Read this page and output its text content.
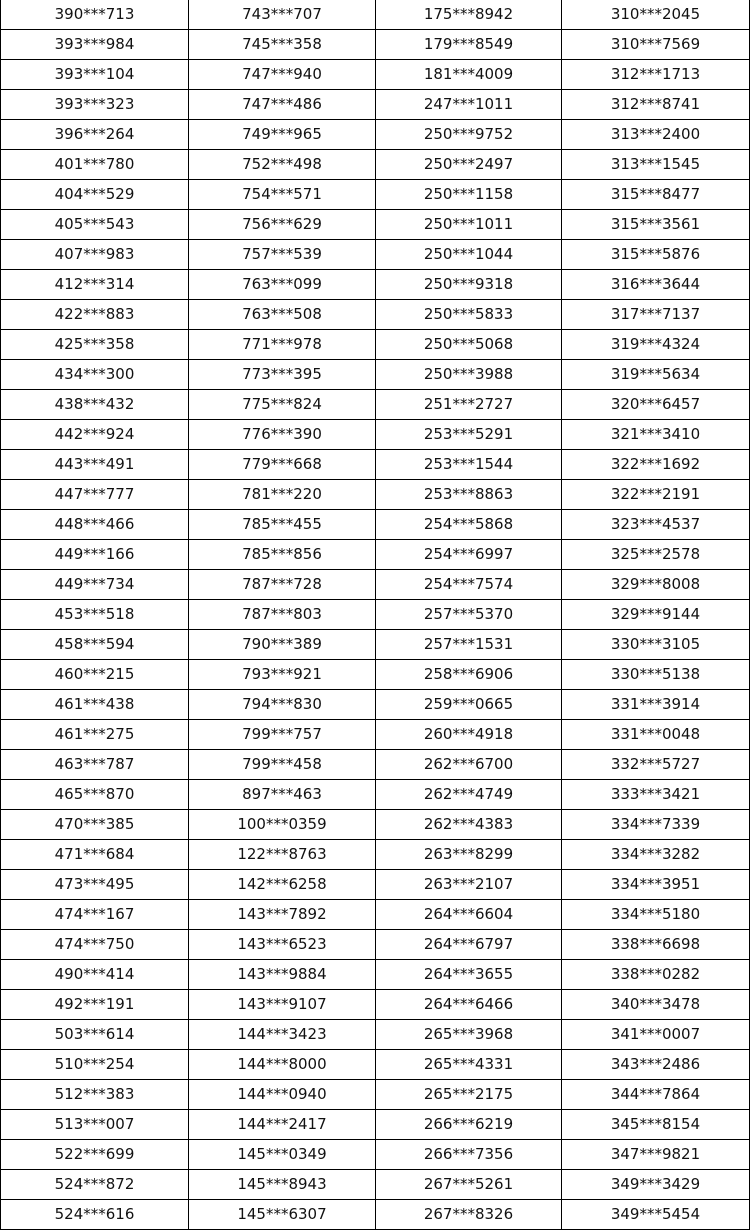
390***713	743***707	175***8942	310***2045
393***984	745***358	179***8549	310***7569
393***104	747***940	181***4009	312***1713
393***323	747***486	247***1011	312***8741
396***264	749***965	250***9752	313***2400
401***780	752***498	250***2497	313***1545
404***529	754***571	250***1158	315***8477
405***543	756***629	250***1011	315***3561
407***983	757***539	250***1044	315***5876
412***314	763***099	250***9318	316***3644
422***883	763***508	250***5833	317***7137
425***358	771***978	250***5068	319***4324
434***300	773***395	250***3988	319***5634
438***432	775***824	251***2727	320***6457
442***924	776***390	253***5291	321***3410
443***491	779***668	253***1544	322***1692
447***777	781***220	253***8863	322***2191
448***466	785***455	254***5868	323***4537
449***166	785***856	254***6997	325***2578
449***734	787***728	254***7574	329***8008
453***518	787***803	257***5370	329***9144
458***594	790***389	257***1531	330***3105
460***215	793***921	258***6906	330***5138
461***438	794***830	259***0665	331***3914
461***275	799***757	260***4918	331***0048
463***787	799***458	262***6700	332***5727
465***870	897***463	262***4749	333***3421
470***385	100***0359	262***4383	334***7339
471***684	122***8763	263***8299	334***3282
473***495	142***6258	263***2107	334***3951
474***167	143***7892	264***6604	334***5180
474***750	143***6523	264***6797	338***6698
490***414	143***9884	264***3655	338***0282
492***191	143***9107	264***6466	340***3478
503***614	144***3423	265***3968	341***0007
510***254	144***8000	265***4331	343***2486
512***383	144***0940	265***2175	344***7864
513***007	144***2417	266***6219	345***8154
522***699	145***0349	266***7356	347***9821
524***872	145***8943	267***5261	349***3429
524***616	145***6307	267***8326	349***5454
